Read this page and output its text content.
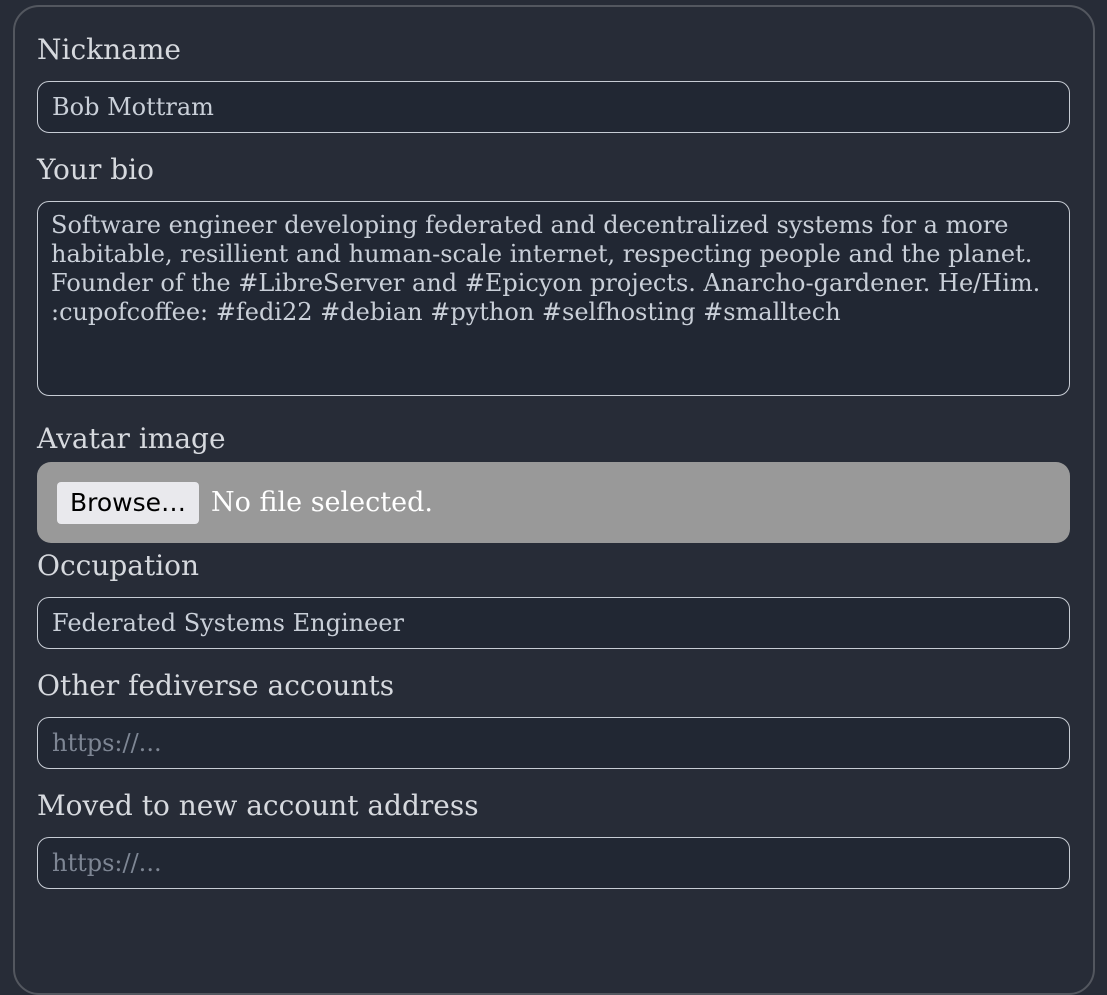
Nickname
Bob Mottram
Your bio
Software engineer developing federated and decentralized systems for a more habitable, resillient and human-scale internet, respecting people and the planet. Founder of the #LibreServer and #Epicyon projects. Anarcho-gardener. He/Him. :cupofcoffee: #fedi22 #debian #python #selfhosting #smalltech
Avatar image
Browse… No file selected.
Occupation
Federated Systems Engineer
Other fediverse accounts
https://...
Moved to new account address
https://...
